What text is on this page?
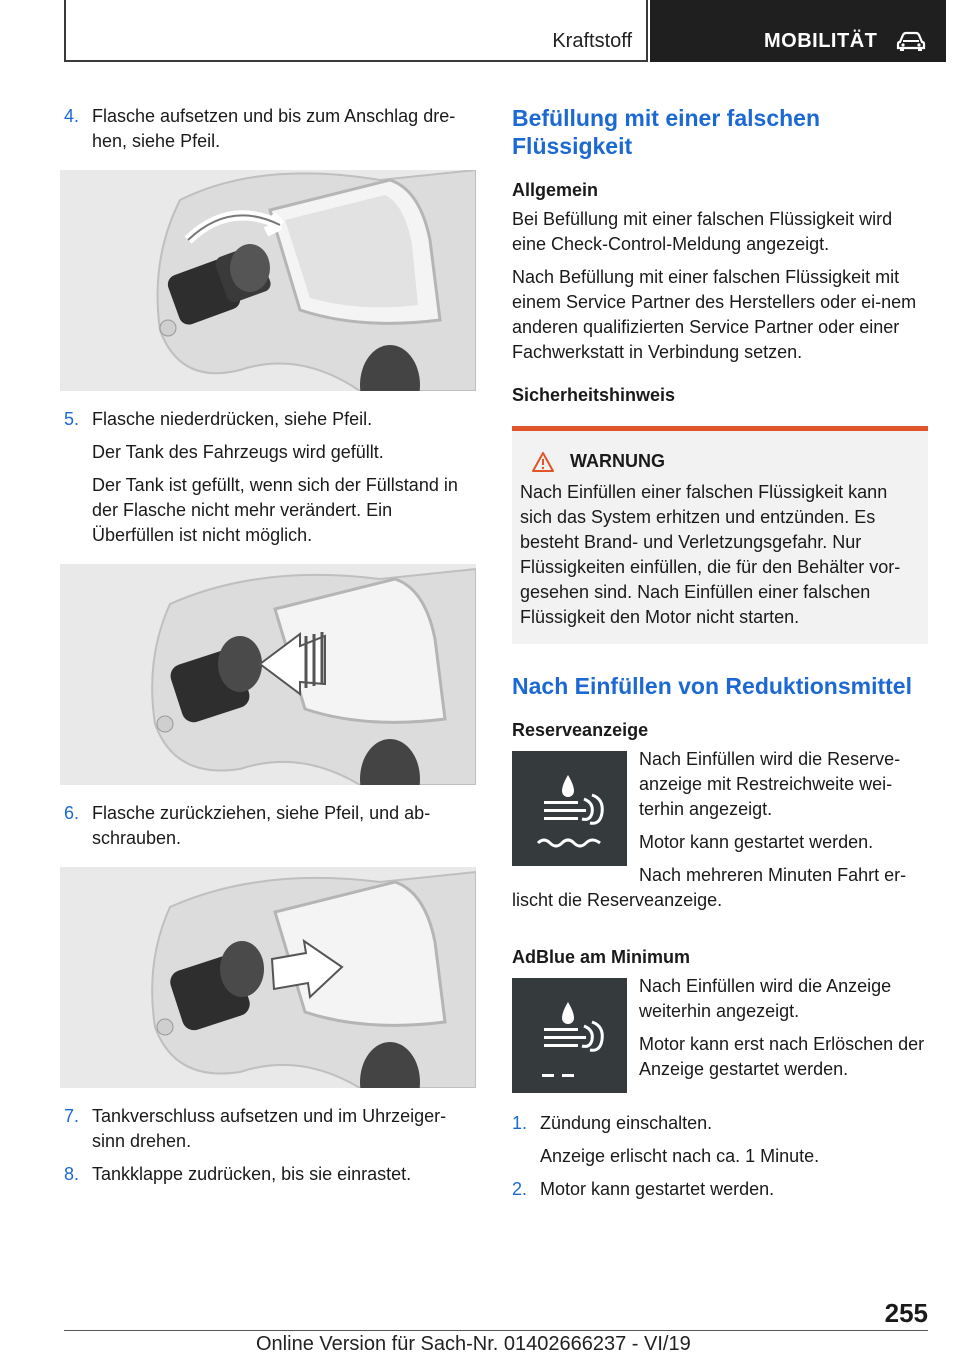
Kraftstoff	MOBILITÄT
4. Flasche aufsetzen und bis zum Anschlag dre‐hen, siehe Pfeil.
5. Flasche niederdrücken, siehe Pfeil.

Der Tank des Fahrzeugs wird gefüllt.

Der Tank ist gefüllt, wenn sich der Füllstand in der Flasche nicht mehr verändert. Ein Überfüllen ist nicht möglich.

6. Flasche zurückziehen, siehe Pfeil, und ab‐schrauben.
7. Tankverschluss aufsetzen und im Uhrzeiger‐sinn drehen.
8. Tankklappe zudrücken, bis sie einrastet.
Befüllung mit einer falschen Flüssigkeit
Allgemein

Bei Befüllung mit einer falschen Flüssigkeit wird eine Check-Control-Meldung angezeigt.

Nach Befüllung mit einer falschen Flüssigkeit mit einem Service Partner des Herstellers oder ei‐nem anderen qualifizierten Service Partner oder einer Fachwerkstatt in Verbindung setzen.

Sicherheitshinweis
WARNUNG
Nach Einfüllen einer falschen Flüssigkeit kann sich das System erhitzen und entzünden. Es besteht Brand- und Verletzungsgefahr. Nur Flüssigkeiten einfüllen, die für den Behälter vor‐gesehen sind. Nach Einfüllen einer falschen Flüssigkeit den Motor nicht starten.
Nach Einfüllen von Reduktionsmittel
Reserveanzeige

Nach Einfüllen wird die Reserve‐anzeige mit Restreichweite wei‐terhin angezeigt.

Motor kann gestartet werden.

Nach mehreren Minuten Fahrt er‐lischt die Reserveanzeige.

AdBlue am Minimum

Nach Einfüllen wird die Anzeige weiterhin angezeigt.

Motor kann erst nach Erlöschen der Anzeige gestartet werden.

1. Zündung einschalten.

Anzeige erlischt nach ca. 1 Minute.

2. Motor kann gestartet werden.
255
Online Version für Sach-Nr. 01402666237 - VI/19
